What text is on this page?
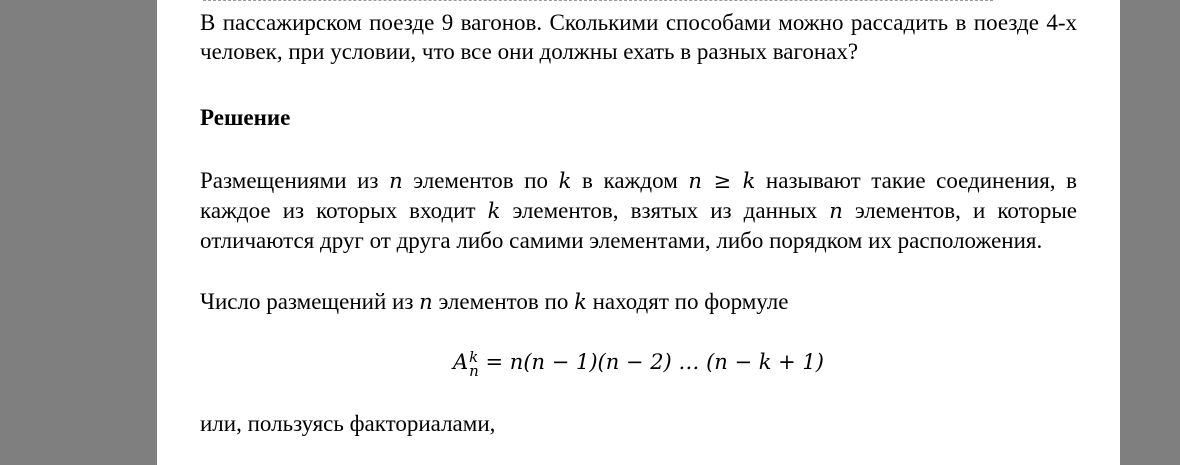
В пассажирском поезде 9 вагонов. Сколькими способами можно рассадить в поезде 4-х человек, при условии, что все они должны ехать в разных вагонах?

Решение

Размещениями из n элементов по k в каждом n ≥ k называют такие соединения, в каждое из которых входит k элементов, взятых из данных n элементов, и которые отличаются друг от друга либо самими элементами, либо порядком их расположения.

Число размещений из n элементов по k находят по формуле

A k
n = n(n − 1)(n − 2) … (n − k + 1)

или, пользуясь факториалами,
